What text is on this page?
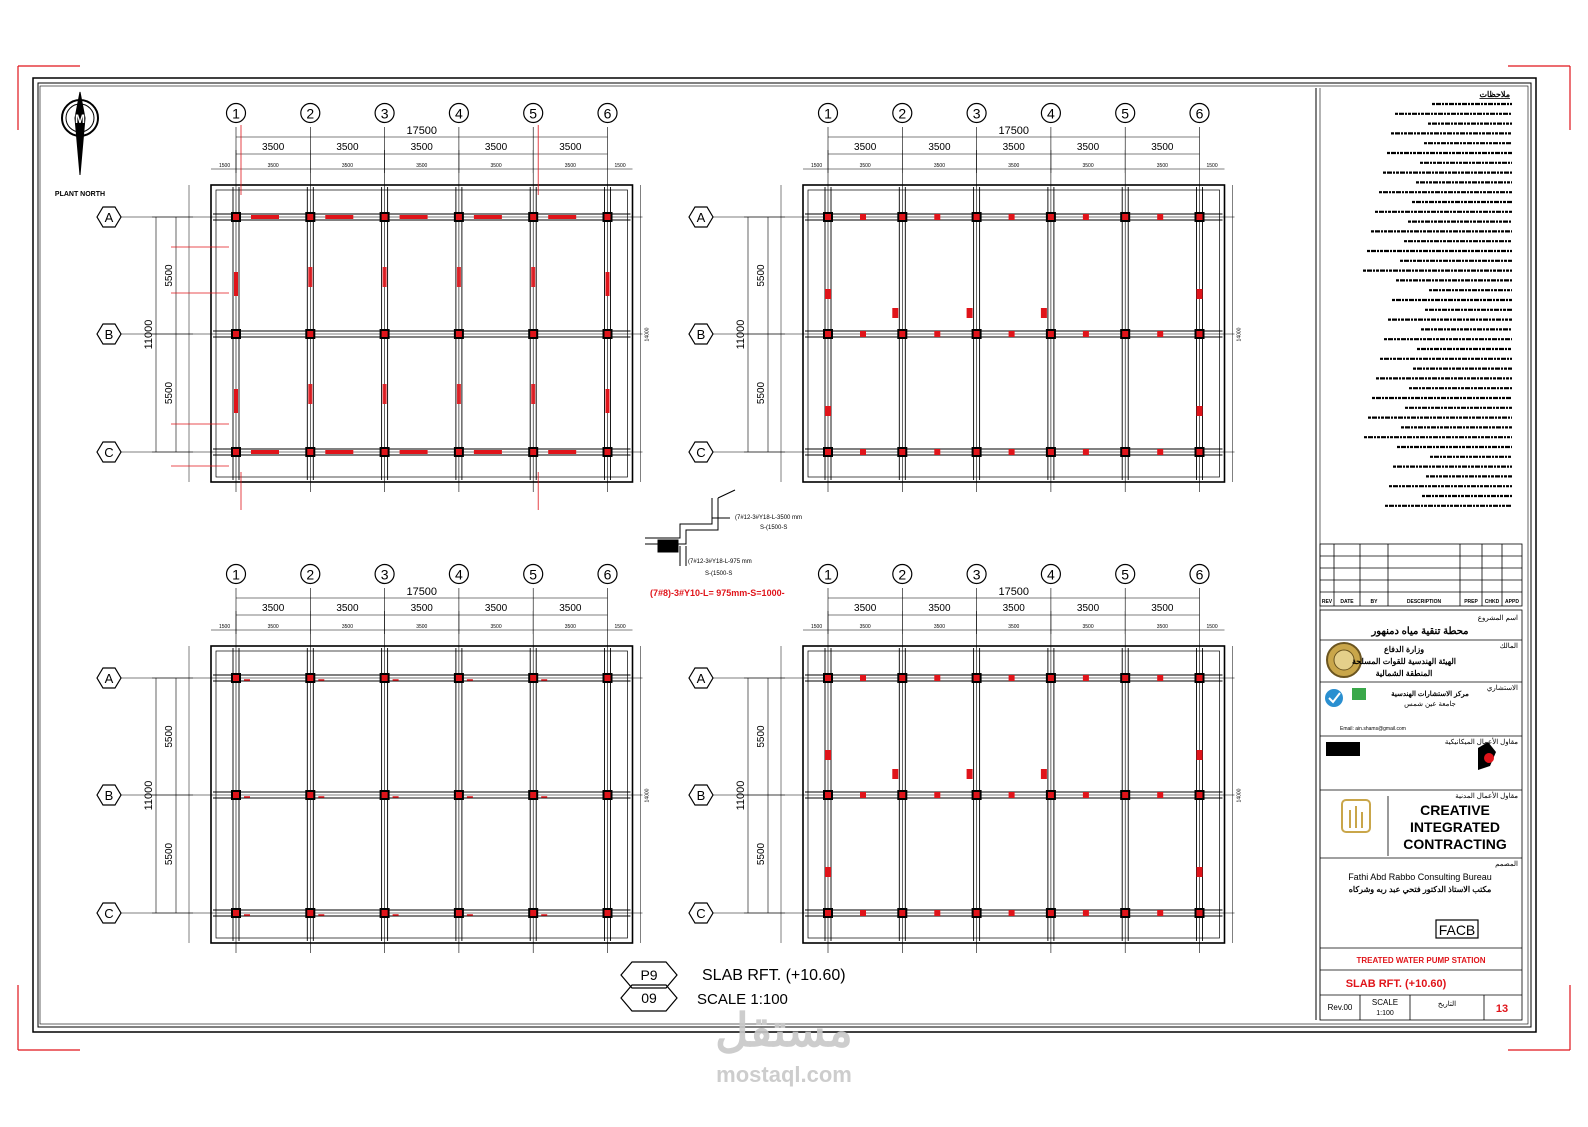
M
PLANT NORTH
1	2	3	4	5	6
A
B
C
17500
3500
3500
3500
3500
3500
3500
3500
3500
3500
3500
1500	1500
11000
5500
5500
14000
1	2	3	4	5	6
A
B
C
17500
3500
3500
3500
3500
3500
3500
3500
3500
3500
3500
1500	1500
11000
5500
5500
14000
1	2	3	4	5	6
A
B
C
17500
3500
3500
3500
3500
3500
3500
3500
3500
3500
3500
1500	1500
11000
5500
5500
14000
1	2	3	4	5	6
A
B
C
17500
3500
3500
3500
3500
3500
3500
3500
3500
3500
3500
1500	1500
11000
5500
5500
14000
(7#12-3#Y18-L-3500 mm
S-(1500-S
(7#12-3#Y18-L-975 mm
S-(1500-S
(7#8)-3#Y10-L= 975mm-S=1000-
P9
09
SLAB RFT. (+10.60)
SCALE 1:100
ملاحظات
REV DATE	BY	DESCRIPTION	PREP CHKD APPD
اسم المشروع
محطة تنقية مياه دمنهور
المالك
وزارة الدفاع
الهيئة الهندسية للقوات المسلحة
المنطقة الشمالية
الاستشاري
مركز الاستشارات الهندسية
جامعة عين شمس
Email: ain.shams@gmail.com
مقاول الأعمال الميكانيكية
مقاول الأعمال المدنية
CREATIVE
INTEGRATED
CONTRACTING
المصمم
Fathi Abd Rabbo Consulting Bureau
مكتب الاستاذ الدكتور فتحي عبد ربه وشركاه
FACB
TREATED WATER PUMP STATION
SLAB RFT. (+10.60)
Rev.00
SCALE
1:100
التاريخ	13
مستقل
mostaql.com
